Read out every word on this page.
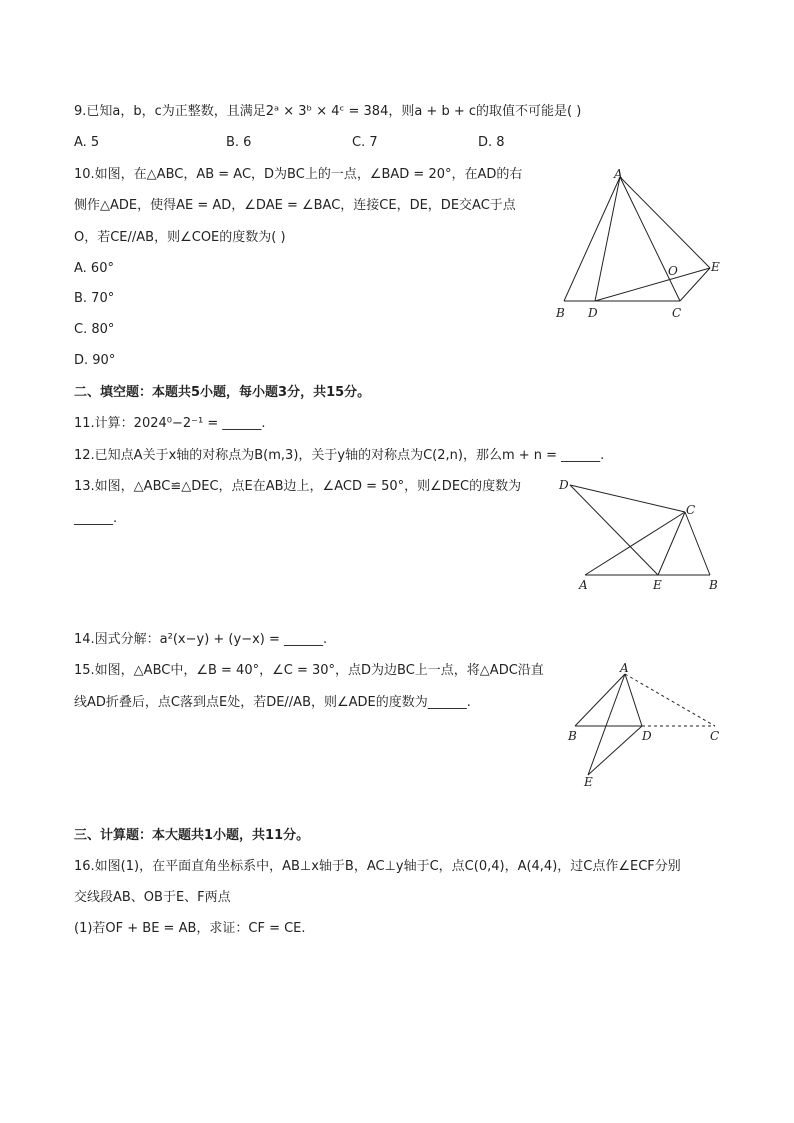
9.已知a，b，c为正整数，且满足2ᵃ × 3ᵇ × 4ᶜ = 384，则a + b + c的取值不可能是( )
A. 5	B. 6	C. 7	D. 8
10.如图，在△ABC，AB = AC，D为BC上的一点，∠BAD = 20°，在AD的右
侧作△ADE，使得AE = AD，∠DAE = ∠BAC，连接CE，DE，DE交AC于点
O，若CE//AB，则∠COE的度数为( )
A. 60°
B. 70°
C. 80°
D. 90°
A
B D	C
O	E
二、填空题：本题共5小题，每小题3分，共15分。
11.计算：2024⁰−2⁻¹ = ______.
12.已知点A关于x轴的对称点为B(m,3)，关于y轴的对称点为C(2,n)，那么m + n = ______.
13.如图，△ABC≌△DEC，点E在AB边上，∠ACD = 50°，则∠DEC的度数为
______.
D
C
A	E	B
14.因式分解：a²(x−y) + (y−x) = ______.
15.如图，△ABC中，∠B = 40°，∠C = 30°，点D为边BC上一点，将△ADC沿直
线AD折叠后，点C落到点E处，若DE//AB，则∠ADE的度数为______.
A
B	D	C
E
三、计算题：本大题共1小题，共11分。
16.如图(1)，在平面直角坐标系中，AB⊥x轴于B，AC⊥y轴于C，点C(0,4)，A(4,4)，过C点作∠ECF分别
交线段AB、OB于E、F两点
(1)若OF + BE = AB，求证：CF = CE.
